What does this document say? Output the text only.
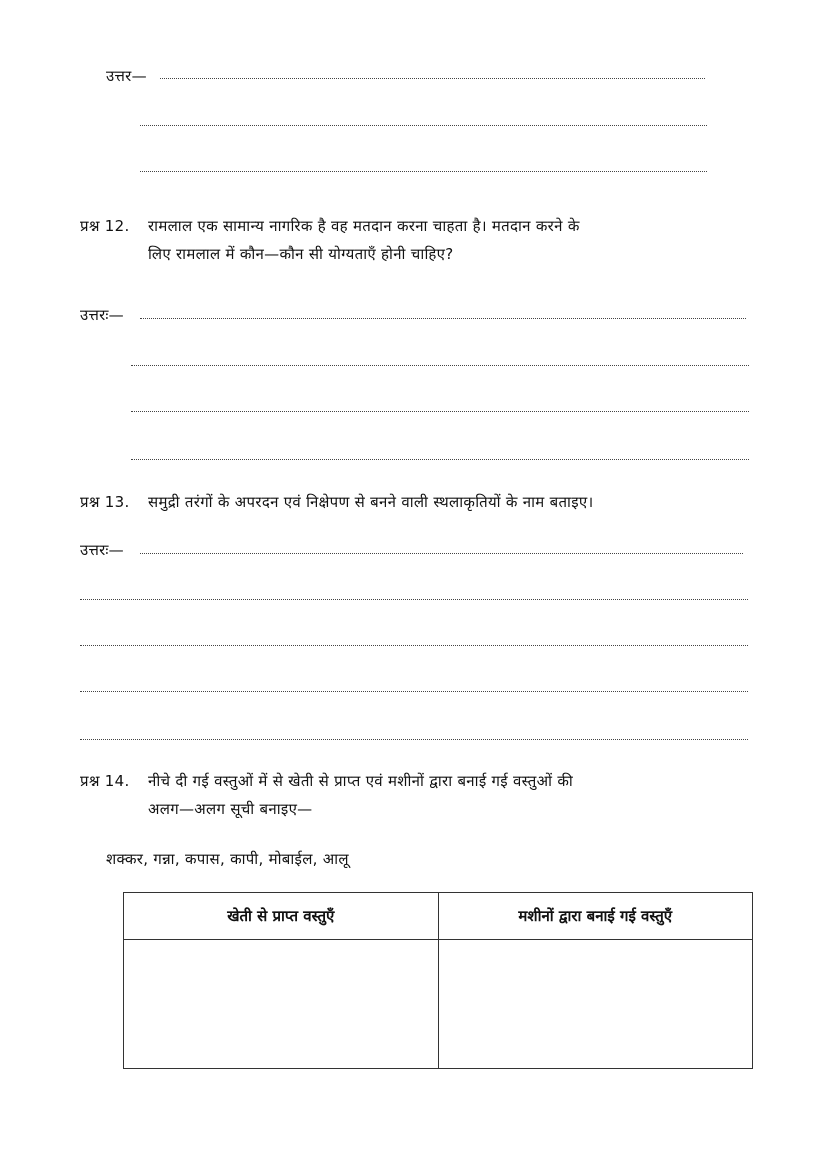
उत्तर—
प्रश्न 12. रामलाल एक सामान्य नागरिक है वह मतदान करना चाहता है। मतदान करने के
लिए रामलाल में कौन—कौन सी योग्यताएँ होनी चाहिए?
उत्तरः—
प्रश्न 13. समुद्री तरंगों के अपरदन एवं निक्षेपण से बनने वाली स्थलाकृतियों के नाम बताइए।
उत्तरः—
प्रश्न 14. नीचे दी गई वस्तुओं में से खेती से प्राप्त एवं मशीनों द्वारा बनाई गई वस्तुओं की
अलग—अलग सूची बनाइए—
शक्कर, गन्ना, कपास, कापी, मोबाईल, आलू
खेती से प्राप्त वस्तुएँ	मशीनों द्वारा बनाई गई वस्तुएँ
